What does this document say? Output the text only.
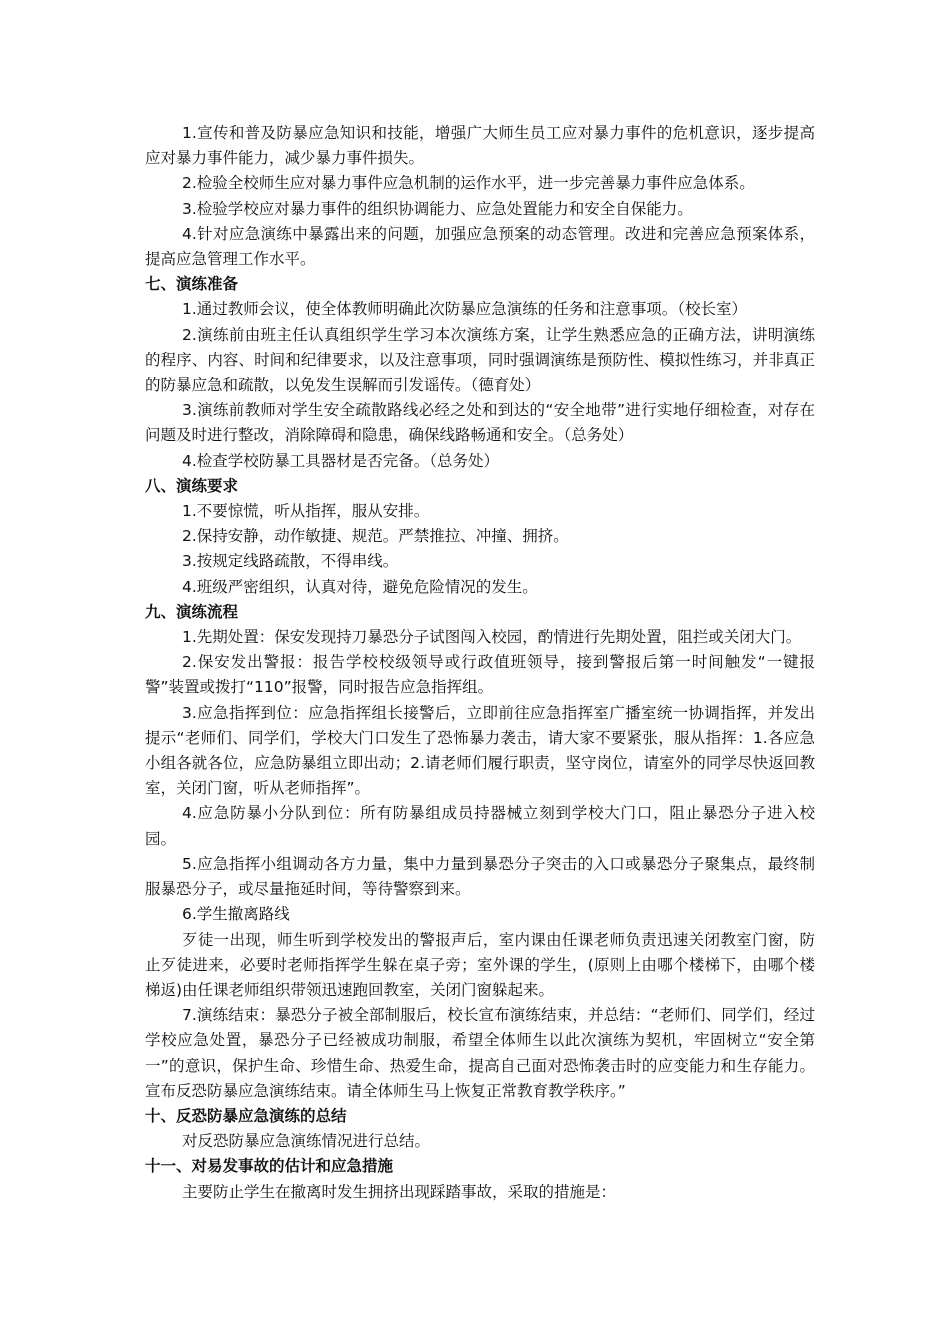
1.宣传和普及防暴应急知识和技能，增强广大师生员工应对暴力事件的危机意识，逐步提高应对暴力事件能力，减少暴力事件损失。

2.检验全校师生应对暴力事件应急机制的运作水平，进一步完善暴力事件应急体系。

3.检验学校应对暴力事件的组织协调能力、应急处置能力和安全自保能力。

4.针对应急演练中暴露出来的问题，加强应急预案的动态管理。改进和完善应急预案体系，提高应急管理工作水平。

七、演练准备

1.通过教师会议，使全体教师明确此次防暴应急演练的任务和注意事项。（校长室）

2.演练前由班主任认真组织学生学习本次演练方案，让学生熟悉应急的正确方法，讲明演练的程序、内容、时间和纪律要求，以及注意事项，同时强调演练是预防性、模拟性练习，并非真正的防暴应急和疏散，以免发生误解而引发谣传。（德育处）

3.演练前教师对学生安全疏散路线必经之处和到达的“安全地带”进行实地仔细检查，对存在问题及时进行整改，消除障碍和隐患，确保线路畅通和安全。（总务处）

4.检查学校防暴工具器材是否完备。（总务处）

八、演练要求

1.不要惊慌，听从指挥，服从安排。

2.保持安静，动作敏捷、规范。严禁推拉、冲撞、拥挤。

3.按规定线路疏散，不得串线。

4.班级严密组织，认真对待，避免危险情况的发生。

九、演练流程

1.先期处置：保安发现持刀暴恐分子试图闯入校园，酌情进行先期处置，阻拦或关闭大门。

2.保安发出警报：报告学校校级领导或行政值班领导，接到警报后第一时间触发“一键报警”装置或拨打“110”报警，同时报告应急指挥组。

3.应急指挥到位：应急指挥组长接警后，立即前往应急指挥室广播室统一协调指挥，并发出提示“老师们、同学们，学校大门口发生了恐怖暴力袭击，请大家不要紧张，服从指挥：1.各应急小组各就各位，应急防暴组立即出动；2.请老师们履行职责，坚守岗位，请室外的同学尽快返回教室，关闭门窗，听从老师指挥”。

4.应急防暴小分队到位：所有防暴组成员持器械立刻到学校大门口，阻止暴恐分子进入校园。

5.应急指挥小组调动各方力量，集中力量到暴恐分子突击的入口或暴恐分子聚集点，最终制服暴恐分子，或尽量拖延时间，等待警察到来。

6.学生撤离路线

歹徒一出现，师生听到学校发出的警报声后，室内课由任课老师负责迅速关闭教室门窗，防止歹徒进来，必要时老师指挥学生躲在桌子旁；室外课的学生，(原则上由哪个楼梯下，由哪个楼梯返)由任课老师组织带领迅速跑回教室，关闭门窗躲起来。

7.演练结束：暴恐分子被全部制服后，校长宣布演练结束，并总结：“老师们、同学们，经过学校应急处置，暴恐分子已经被成功制服，希望全体师生以此次演练为契机，牢固树立“安全第一”的意识，保护生命、珍惜生命、热爱生命，提高自己面对恐怖袭击时的应变能力和生存能力。宣布反恐防暴应急演练结束。请全体师生马上恢复正常教育教学秩序。”

十、反恐防暴应急演练的总结

对反恐防暴应急演练情况进行总结。

十一、对易发事故的估计和应急措施

主要防止学生在撤离时发生拥挤出现踩踏事故，采取的措施是：
